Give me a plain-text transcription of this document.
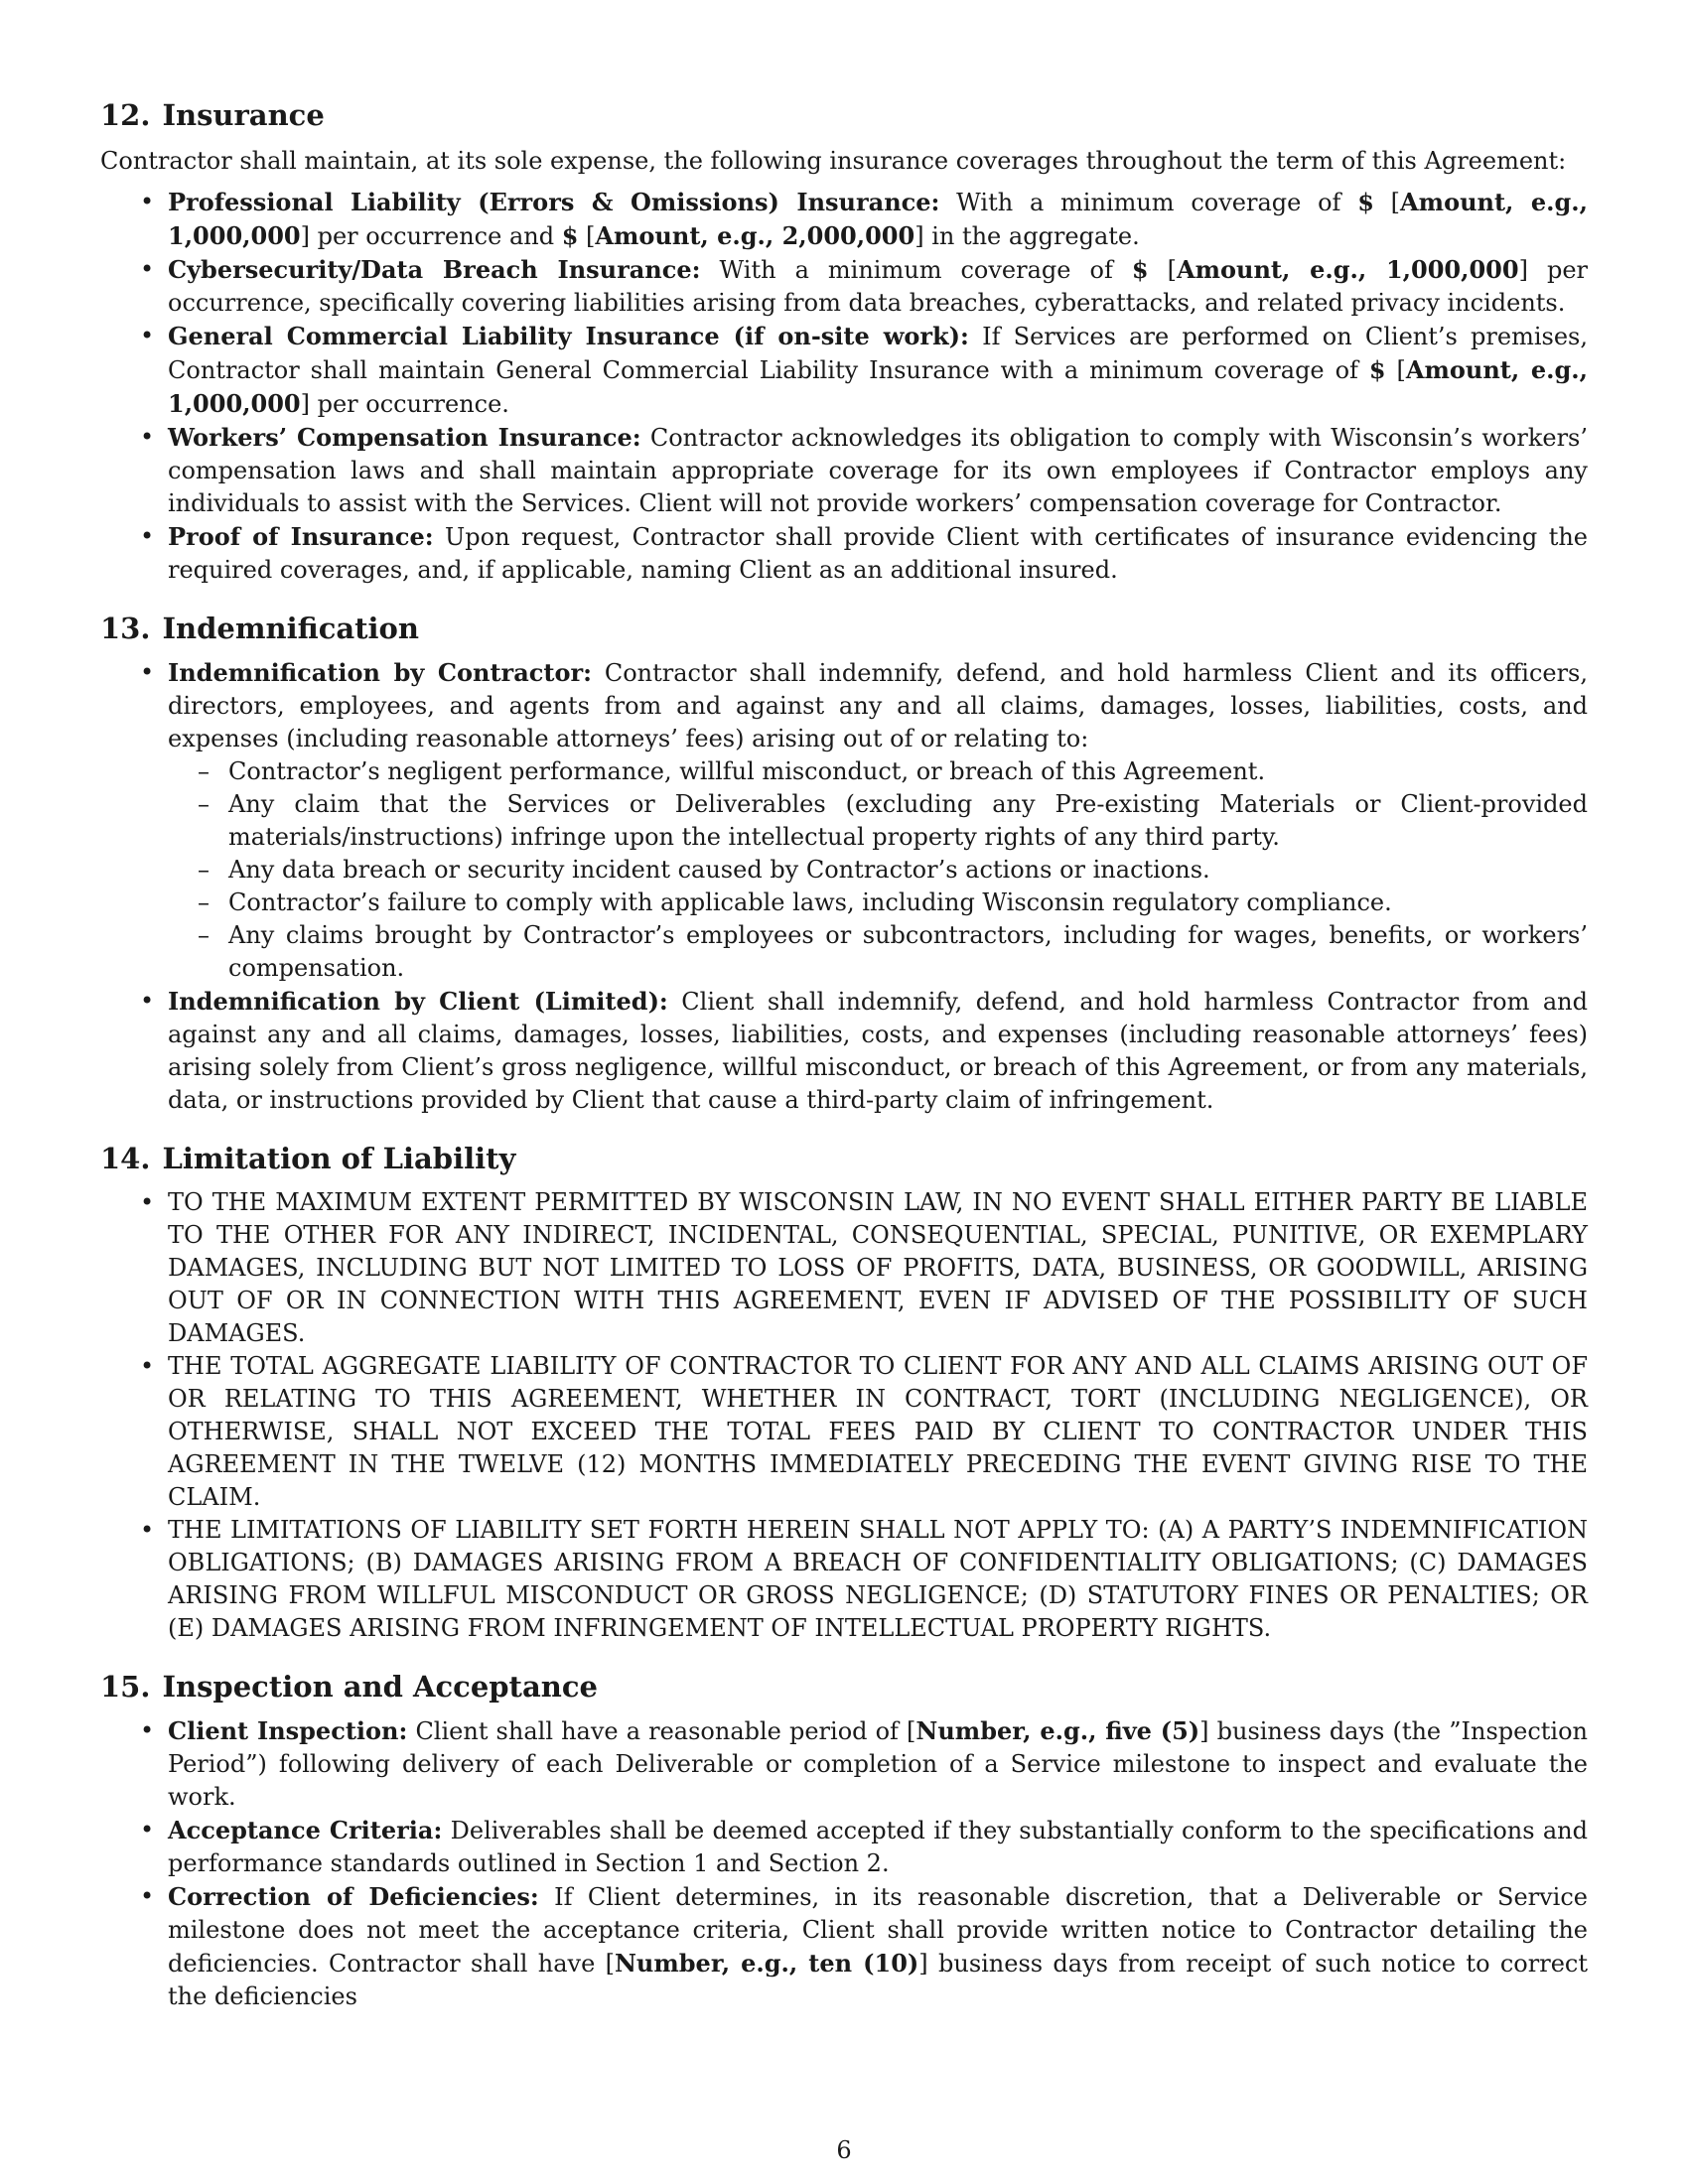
12. Insurance

Contractor shall maintain, at its sole expense, the following insurance coverages throughout the term of this Agreement:

• Professional Liability (Errors & Omissions) Insurance: With a minimum coverage of $ [Amount, e.g., 1,000,000] per occurrence and $ [Amount, e.g., 2,000,000] in the aggregate.
• Cybersecurity/Data Breach Insurance: With a minimum coverage of $ [Amount, e.g., 1,000,000] per occurrence, specifically covering liabilities arising from data breaches, cyberattacks, and related privacy incidents.
• General Commercial Liability Insurance (if on-site work): If Services are performed on Client’s premises, Contractor shall maintain General Commercial Liability Insurance with a minimum coverage of $ [Amount, e.g., 1,000,000] per occurrence.
• Workers’ Compensation Insurance: Contractor acknowledges its obligation to comply with Wisconsin’s workers’ compensation laws and shall maintain appropriate coverage for its own employees if Contractor employs any individuals to assist with the Services. Client will not provide workers’ compensation coverage for Contractor.
• Proof of Insurance: Upon request, Contractor shall provide Client with certificates of insurance evidencing the required coverages, and, if applicable, naming Client as an additional insured.
13. Indemnification
• Indemnification by Contractor: Contractor shall indemnify, defend, and hold harmless Client and its officers, directors, employees, and agents from and against any and all claims, damages, losses, liabilities, costs, and expenses (including reasonable attorneys’ fees) arising out of or relating to:
– Contractor’s negligent performance, willful misconduct, or breach of this Agreement.
– Any claim that the Services or Deliverables (excluding any Pre-existing Materials or Client-provided materials/instructions) infringe upon the intellectual property rights of any third party.
– Any data breach or security incident caused by Contractor’s actions or inactions.
– Contractor’s failure to comply with applicable laws, including Wisconsin regulatory compliance.
– Any claims brought by Contractor’s employees or subcontractors, including for wages, benefits, or workers’ compensation.
• Indemnification by Client (Limited): Client shall indemnify, defend, and hold harmless Contractor from and against any and all claims, damages, losses, liabilities, costs, and expenses (including reasonable attorneys’ fees) arising solely from Client’s gross negligence, willful misconduct, or breach of this Agreement, or from any materials, data, or instructions provided by Client that cause a third-party claim of infringement.
14. Limitation of Liability
• TO THE MAXIMUM EXTENT PERMITTED BY WISCONSIN LAW, IN NO EVENT SHALL EITHER PARTY BE LIABLE TO THE OTHER FOR ANY INDIRECT, INCIDENTAL, CONSEQUENTIAL, SPECIAL, PUNITIVE, OR EXEMPLARY DAMAGES, INCLUDING BUT NOT LIMITED TO LOSS OF PROFITS, DATA, BUSINESS, OR GOODWILL, ARISING OUT OF OR IN CONNECTION WITH THIS AGREEMENT, EVEN IF ADVISED OF THE POSSIBILITY OF SUCH DAMAGES.
• THE TOTAL AGGREGATE LIABILITY OF CONTRACTOR TO CLIENT FOR ANY AND ALL CLAIMS ARISING OUT OF OR RELATING TO THIS AGREEMENT, WHETHER IN CONTRACT, TORT (INCLUDING NEGLIGENCE), OR OTHERWISE, SHALL NOT EXCEED THE TOTAL FEES PAID BY CLIENT TO CONTRACTOR UNDER THIS AGREEMENT IN THE TWELVE (12) MONTHS IMMEDIATELY PRECEDING THE EVENT GIVING RISE TO THE CLAIM.
• THE LIMITATIONS OF LIABILITY SET FORTH HEREIN SHALL NOT APPLY TO: (A) A PARTY’S INDEMNIFICATION OBLIGATIONS; (B) DAMAGES ARISING FROM A BREACH OF CONFIDENTIALITY OBLIGATIONS; (C) DAMAGES ARISING FROM WILLFUL MISCONDUCT OR GROSS NEGLIGENCE; (D) STATUTORY FINES OR PENALTIES; OR (E) DAMAGES ARISING FROM INFRINGEMENT OF INTELLECTUAL PROPERTY RIGHTS.
15. Inspection and Acceptance
• Client Inspection: Client shall have a reasonable period of [Number, e.g., five (5)] business days (the ”Inspection Period”) following delivery of each Deliverable or completion of a Service milestone to inspect and evaluate the work.
• Acceptance Criteria: Deliverables shall be deemed accepted if they substantially conform to the specifications and performance standards outlined in Section 1 and Section 2.
• Correction of Deficiencies: If Client determines, in its reasonable discretion, that a Deliverable or Service milestone does not meet the acceptance criteria, Client shall provide written notice to Contractor detailing the deficiencies. Contractor shall have [Number, e.g., ten (10)] business days from receipt of such notice to correct the deficiencies
6
